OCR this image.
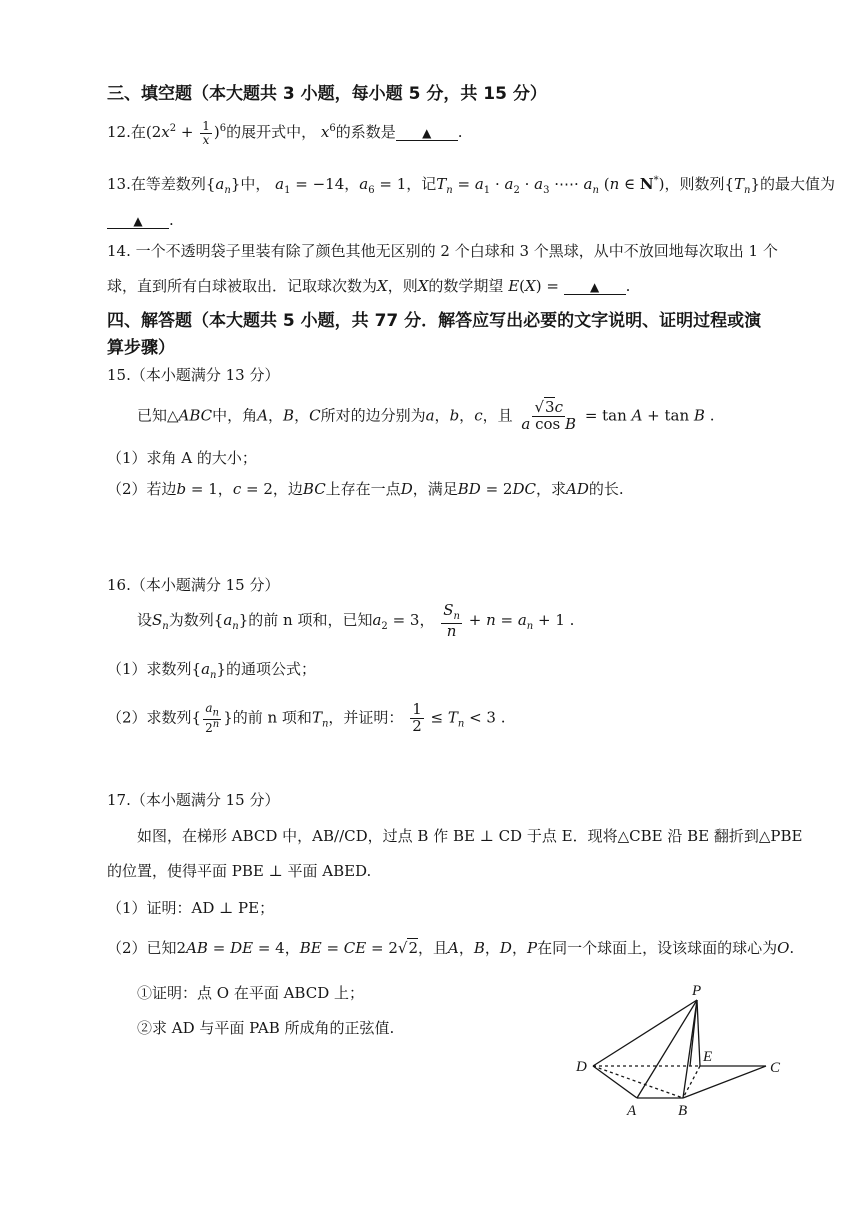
三、填空题（本大题共 3 小题，每小题 5 分，共 15 分）
12.在$(2x^2 + \frac{1}{x} )^6$的展开式中， $x^6$的系数是 ▲ .
13.在等差数列$\{a_n\}$中， $a_1 = -14$，$a_6 = 1$，记$T_n = a_1 \cdot a_2 \cdot a_3$ ·⋯· $a_n$ (n ∈ N*)，则数列$\{T_n\}$的最大值为
▲ .
14. 一个不透明袋子里装有除了颜色其他无区别的 2 个白球和 3 个黑球，从中不放回地每次取出 1 个
球，直到所有白球被取出．记取球次数为X，则X的数学期望 E(X) = ▲ .
四、解答题（本大题共 5 小题，共 77 分．解答应写出必要的文字说明、证明过程或演
算步骤）
15.（本小题满分 13 分）
已知△ABC中，角A，B，C所对的边分别为a，b，c，且 $\frac{√3c}{\text{a cos B}} = \tan A + \tan B$ .
（1）求角 A 的大小；
（2）若边b = 1，c = 2，边BC上存在一点D，满足BD = 2DC，求AD的长.
16.（本小题满分 15 分）
设$S_n$为数列$\{a_n\}$的前 n 项和，已知$a_2 = 3$， $\frac{S_n}{n} + n = a_n + 1$ .
（1）求数列$\{a_n\}$的通项公式；
（2）求数列{ $\frac{a_n}{2^n}$ }的前 n 项和$T_n$，并证明： $\frac{1}{2} \le T_n < 3$ .
17.（本小题满分 15 分）
如图，在梯形 ABCD 中，AB//CD，过点 B 作 BE ⊥ CD 于点 E．现将△CBE 沿 BE 翻折到△PBE
的位置，使得平面 PBE ⊥ 平面 ABED.
（1）证明：AD ⊥ PE；
（2）已知2AB = DE = 4，BE = CE = 2√2，且A，B，D，P在同一个球面上，设该球面的球心为O.
①证明：点 O 在平面 ABCD 上；
②求 AD 与平面 PAB 所成角的正弦值.
P
E
D	C
A	B
